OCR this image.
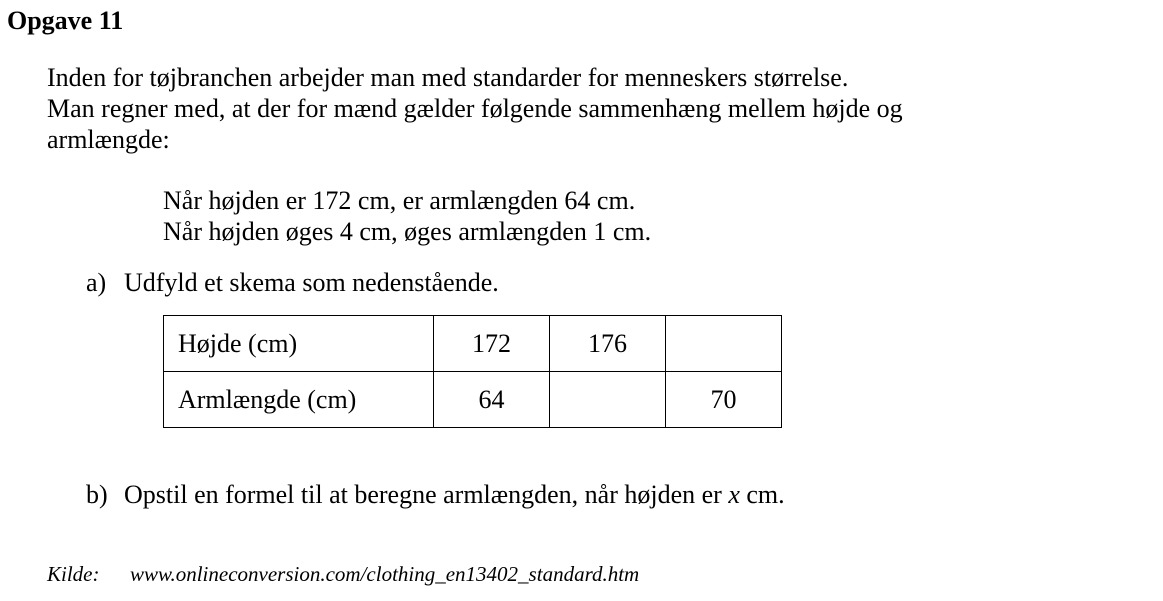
Opgave 11

Inden for tøjbranchen arbejder man med standarder for menneskers størrelse.

Man regner med, at der for mænd gælder følgende sammenhæng mellem højde og

armlængde:

Når højden er 172 cm, er armlængden 64 cm.

Når højden øges 4 cm, øges armlængden 1 cm.

a) Udfyld et skema som nedenstående.
Højde (cm)	172	176	
Armlængde (cm)	64		70
b) Opstil en formel til at beregne armlængden, når højden er x cm.
Kilde: www.onlineconversion.com/clothing_en13402_standard.htm
